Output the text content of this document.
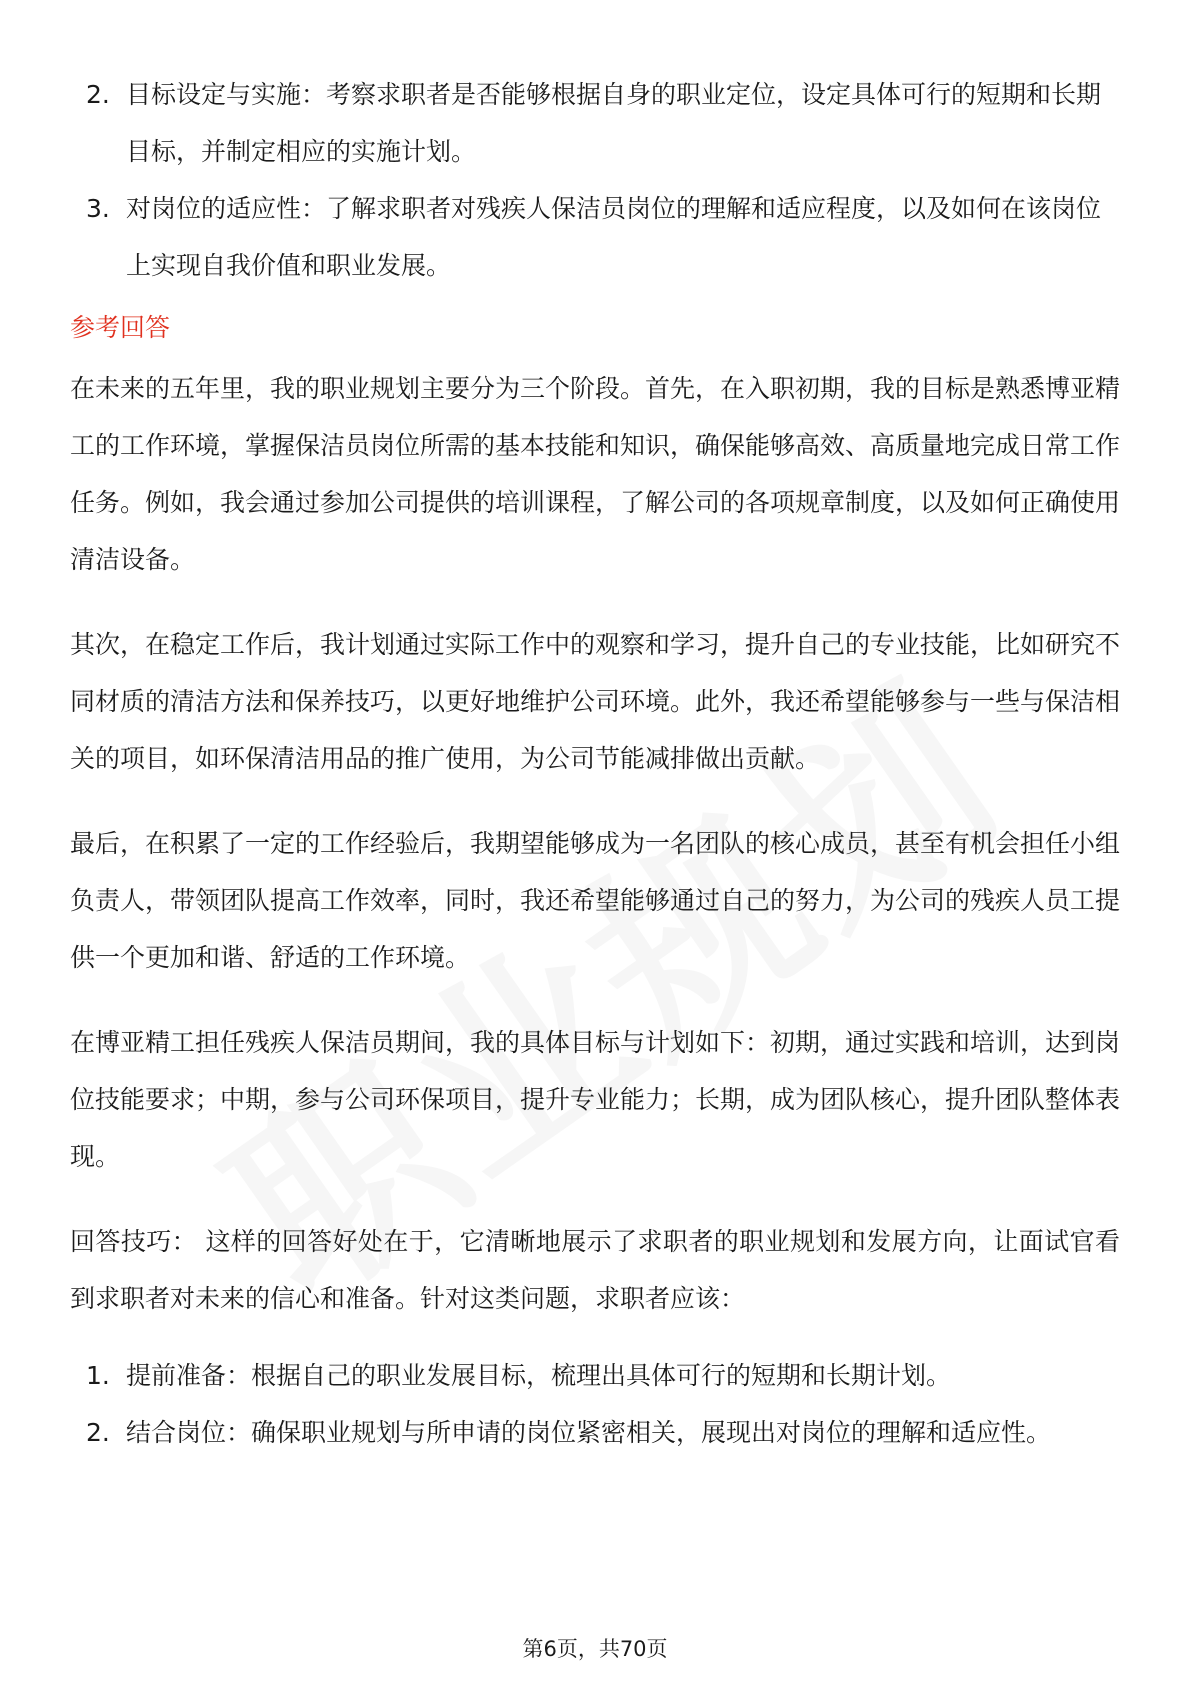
2. 目标设定与实施：考察求职者是否能够根据自身的职业定位，设定具体可行的短期和长期目标，并制定相应的实施计划。
3. 对岗位的适应性：了解求职者对残疾人保洁员岗位的理解和适应程度，以及如何在该岗位上实现自我价值和职业发展。
参考回答

在未来的五年里，我的职业规划主要分为三个阶段。首先，在入职初期，我的目标是熟悉博亚精工的工作环境，掌握保洁员岗位所需的基本技能和知识，确保能够高效、高质量地完成日常工作任务。例如，我会通过参加公司提供的培训课程，了解公司的各项规章制度，以及如何正确使用清洁设备。

其次，在稳定工作后，我计划通过实际工作中的观察和学习，提升自己的专业技能，比如研究不同材质的清洁方法和保养技巧，以更好地维护公司环境。此外，我还希望能够参与一些与保洁相关的项目，如环保清洁用品的推广使用，为公司节能减排做出贡献。

最后，在积累了一定的工作经验后，我期望能够成为一名团队的核心成员，甚至有机会担任小组负责人，带领团队提高工作效率，同时，我还希望能够通过自己的努力，为公司的残疾人员工提供一个更加和谐、舒适的工作环境。

在博亚精工担任残疾人保洁员期间，我的具体目标与计划如下：初期，通过实践和培训，达到岗位技能要求；中期，参与公司环保项目，提升专业能力；长期，成为团队核心，提升团队整体表现。

回答技巧： 这样的回答好处在于，它清晰地展示了求职者的职业规划和发展方向，让面试官看到求职者对未来的信心和准备。针对这类问题，求职者应该：

1. 提前准备：根据自己的职业发展目标，梳理出具体可行的短期和长期计划。
2. 结合岗位：确保职业规划与所申请的岗位紧密相关，展现出对岗位的理解和适应性。
第6页，共70页
